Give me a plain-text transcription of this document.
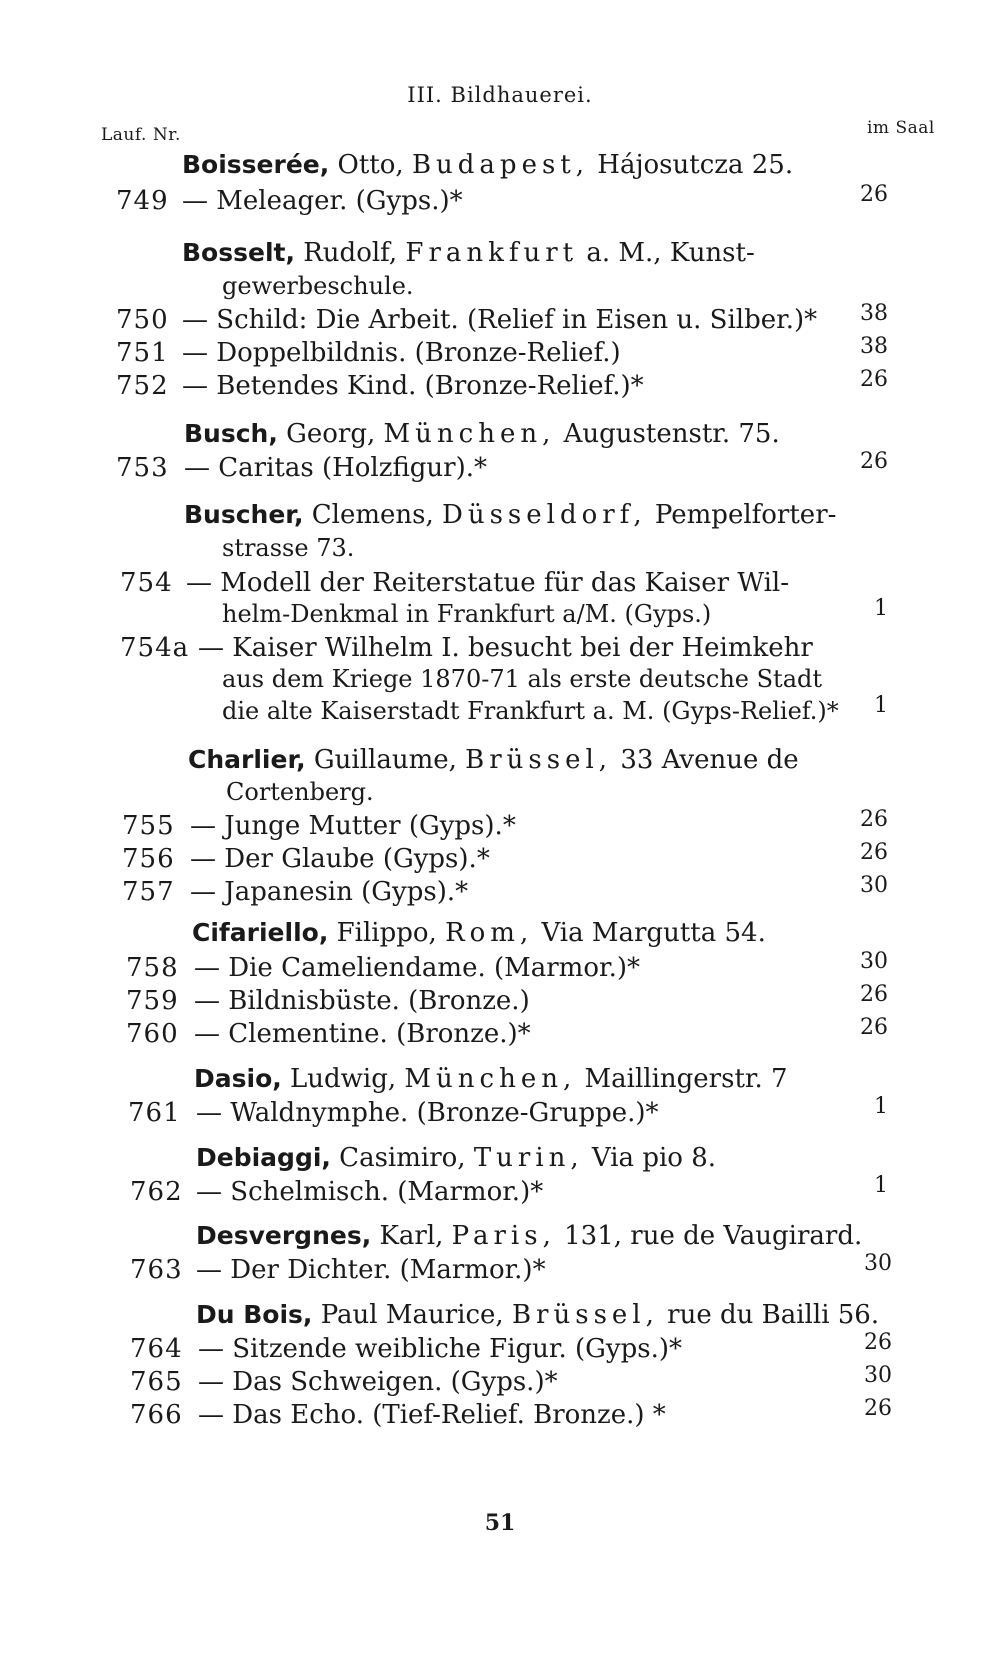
III. Bildhauerei.
Lauf. Nr.	im Saal
Boisserée, Otto, Budapest, Hájosutcza 25.
749 — Meleager. (Gyps.)*	26
Bosselt, Rudolf, Frankfurt a. M., Kunst-
gewerbeschule.
750 — Schild: Die Arbeit. (Relief in Eisen u. Silber.)*	38
751 — Doppelbildnis. (Bronze-Relief.)	38
752 — Betendes Kind. (Bronze-Relief.)*	26
Busch, Georg, München, Augustenstr. 75.
753 — Caritas (Holzfigur).*	26
Buscher, Clemens, Düsseldorf, Pempelforter-
strasse 73.
754 — Modell der Reiterstatue für das Kaiser Wil-
helm-Denkmal in Frankfurt a/M. (Gyps.)	1
754a — Kaiser Wilhelm I. besucht bei der Heimkehr
aus dem Kriege 1870-71 als erste deutsche Stadt
die alte Kaiserstadt Frankfurt a. M. (Gyps-Relief.)*	1
Charlier, Guillaume, Brüssel, 33 Avenue de
Cortenberg.
755 — Junge Mutter (Gyps).*	26
756 — Der Glaube (Gyps).*	26
757 — Japanesin (Gyps).*	30
Cifariello, Filippo, Rom, Via Margutta 54.
758 — Die Cameliendame. (Marmor.)*	30
759 — Bildnisbüste. (Bronze.)	26
760 — Clementine. (Bronze.)*	26
Dasio, Ludwig, München, Maillingerstr. 7
761 — Waldnymphe. (Bronze-Gruppe.)*	1
Debiaggi, Casimiro, Turin, Via pio 8.
762 — Schelmisch. (Marmor.)*	1
Desvergnes, Karl, Paris, 131, rue de Vaugirard.
763 — Der Dichter. (Marmor.)*	30
Du Bois, Paul Maurice, Brüssel, rue du Bailli 56.
764 — Sitzende weibliche Figur. (Gyps.)*	26
765 — Das Schweigen. (Gyps.)*	30
766 — Das Echo. (Tief-Relief. Bronze.) *	26
51
